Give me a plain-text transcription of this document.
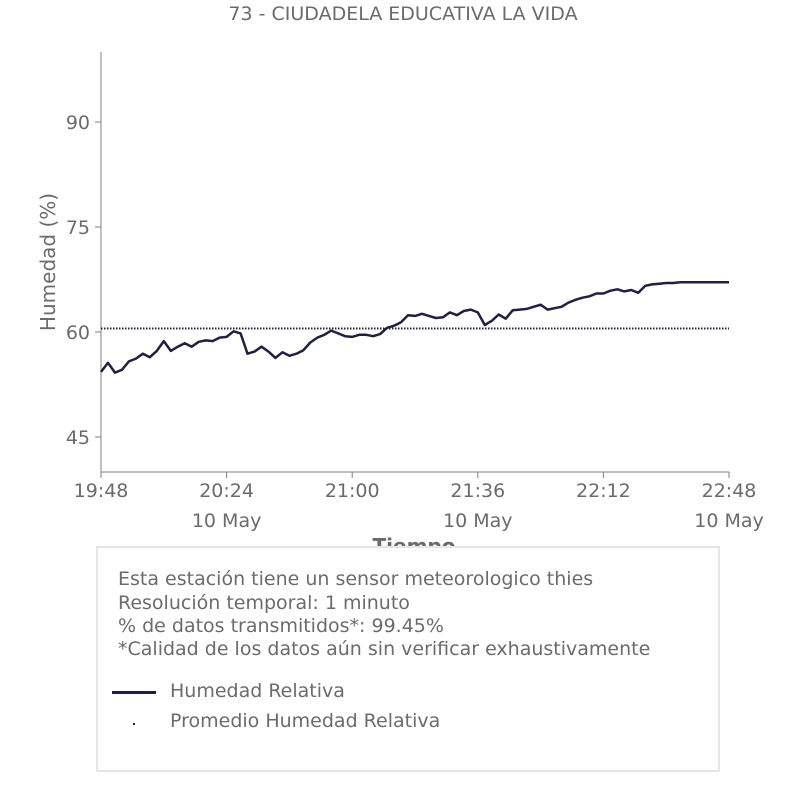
73 - CIUDADELA EDUCATIVA LA VIDA
45
60
75
90
19:48	20:24
10 May
21:00	21:36
10 May
22:12	22:48
10 May
Humedad (%)
Esta estación tiene un sensor meteorologico thies
Resolución temporal: 1 minuto
% de datos transmitidos*: 99.45%
*Calidad de los datos aún sin verificar exhaustivamente
Humedad Relativa
Promedio Humedad Relativa
